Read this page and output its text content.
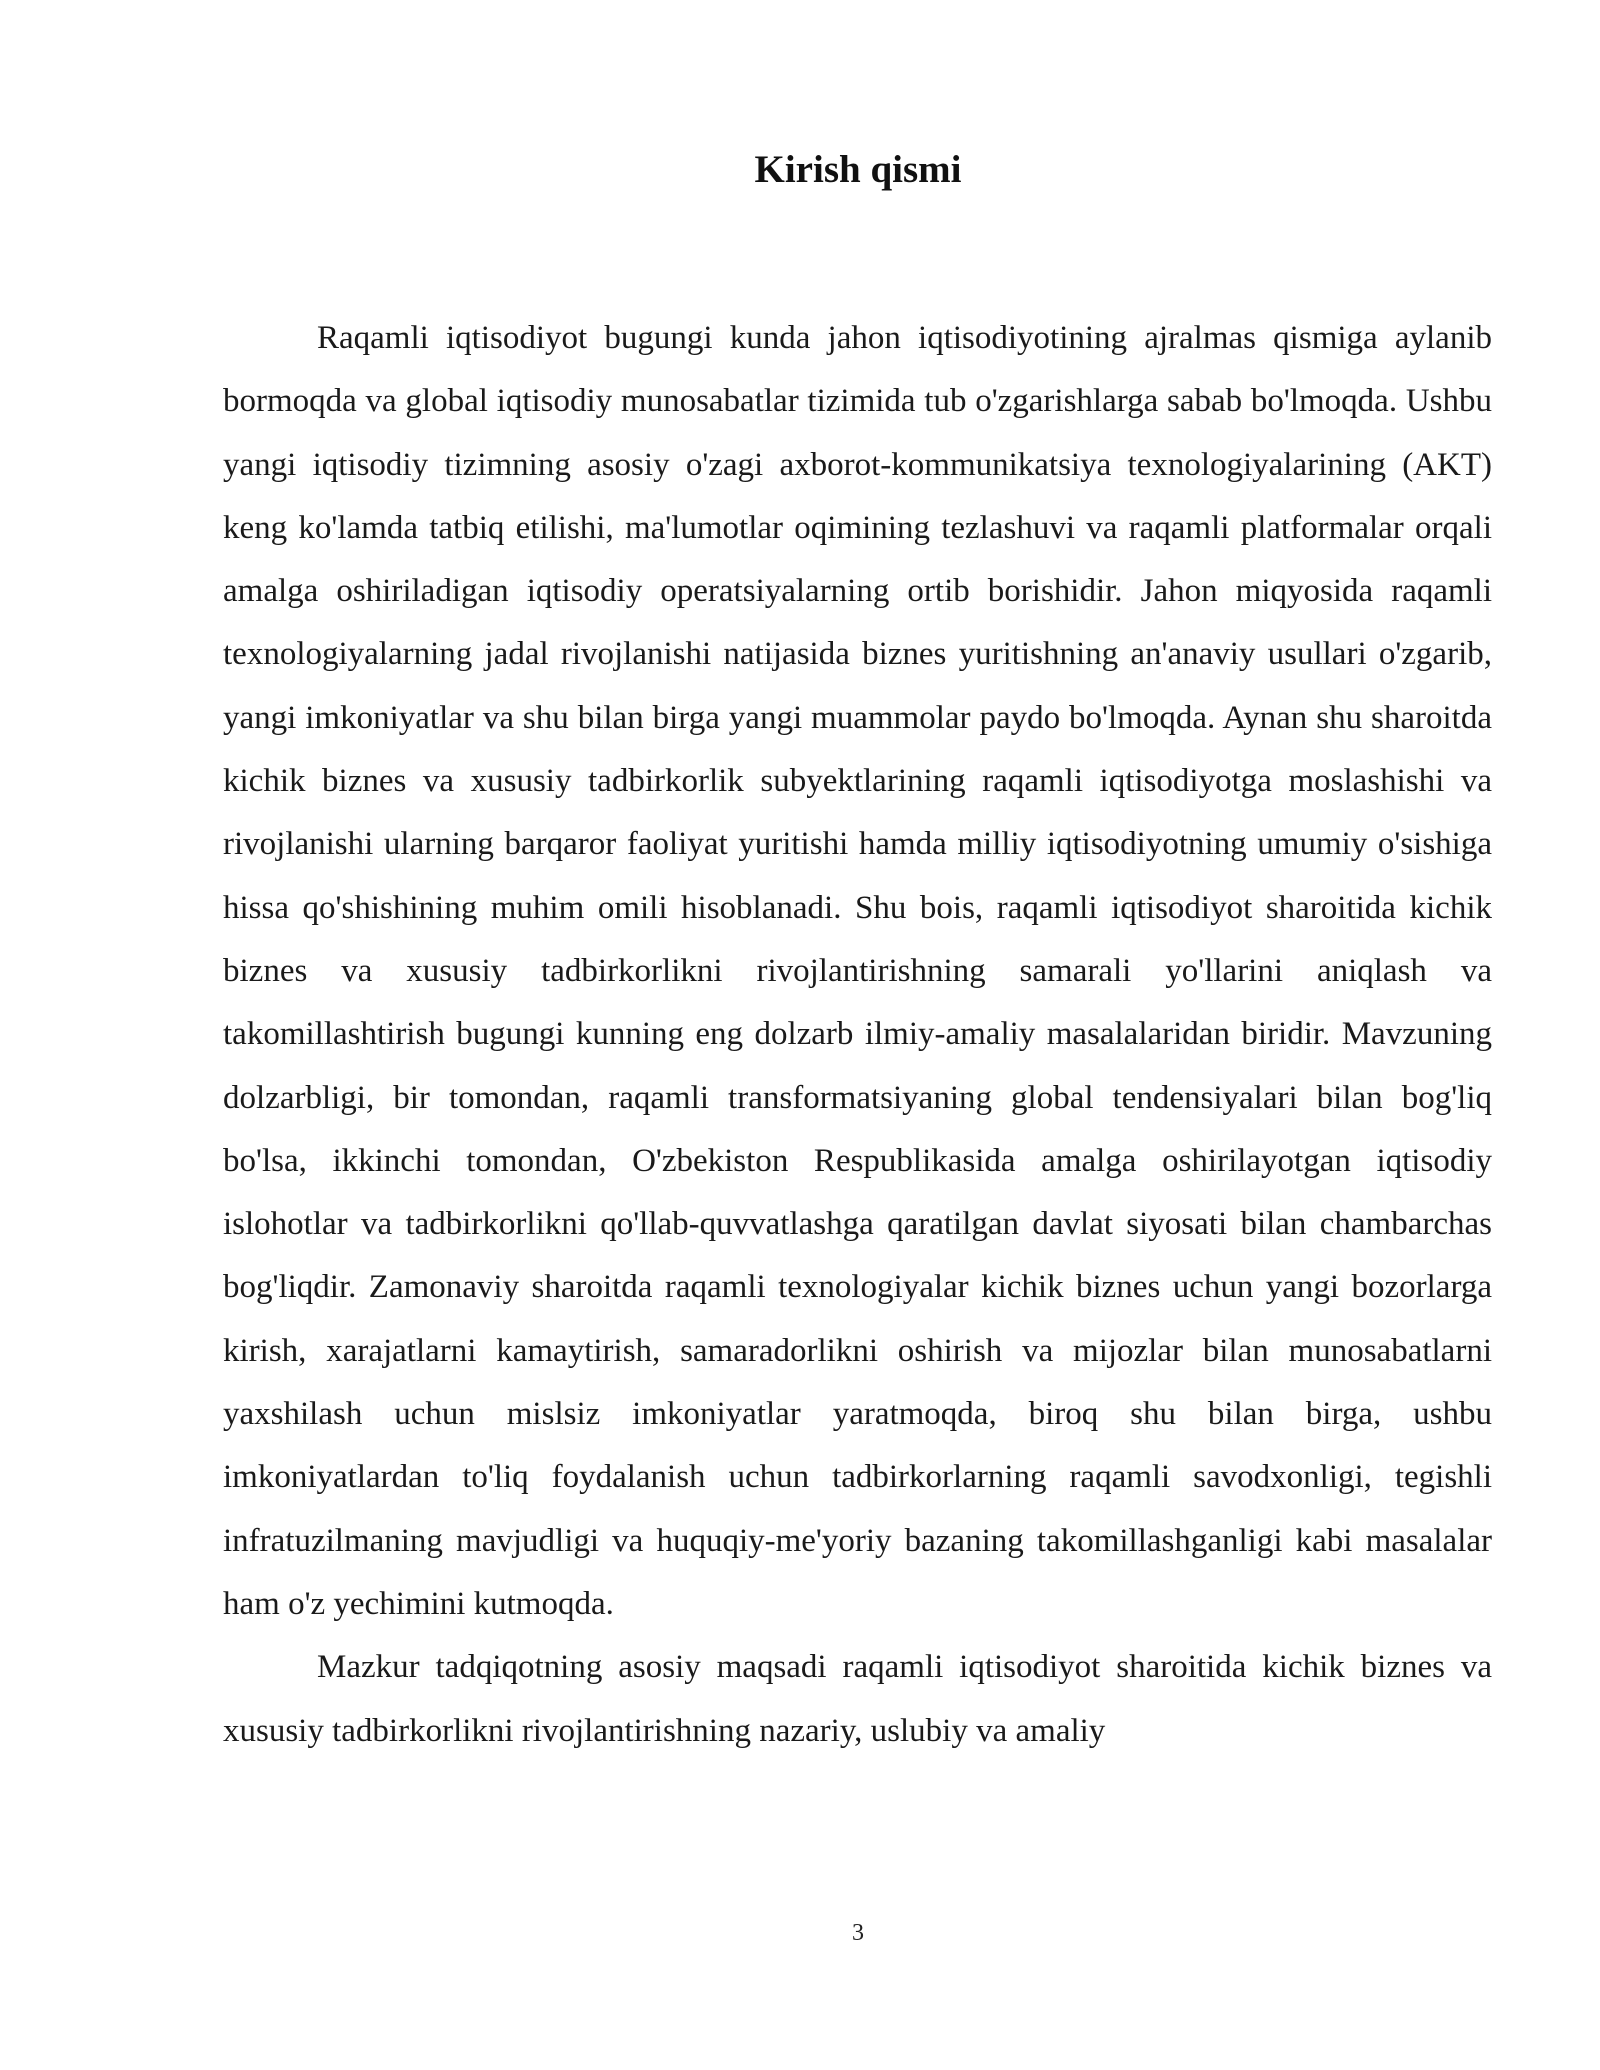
Kirish qismi

Raqamli iqtisodiyot bugungi kunda jahon iqtisodiyotining ajralmas qismiga aylanib bormoqda va global iqtisodiy munosabatlar tizimida tub o'zgarishlarga sabab bo'lmoqda. Ushbu yangi iqtisodiy tizimning asosiy o'zagi axborot-kommunikatsiya texnologiyalarining (AKT) keng ko'lamda tatbiq etilishi, ma'lumotlar oqimining tezlashuvi va raqamli platformalar orqali amalga oshiriladigan iqtisodiy operatsiyalarning ortib borishidir. Jahon miqyosida raqamli texnologiyalarning jadal rivojlanishi natijasida biznes yuritishning an'anaviy usullari o'zgarib, yangi imkoniyatlar va shu bilan birga yangi muammolar paydo bo'lmoqda. Aynan shu sharoitda kichik biznes va xususiy tadbirkorlik subyektlarining raqamli iqtisodiyotga moslashishi va rivojlanishi ularning barqaror faoliyat yuritishi hamda milliy iqtisodiyotning umumiy o'sishiga hissa qo'shishining muhim omili hisoblanadi. Shu bois, raqamli iqtisodiyot sharoitida kichik biznes va xususiy tadbirkorlikni rivojlantirishning samarali yo'llarini aniqlash va takomillashtirish bugungi kunning eng dolzarb ilmiy-amaliy masalalaridan biridir. Mavzuning dolzarbligi, bir tomondan, raqamli transformatsiyaning global tendensiyalari bilan bog'liq bo'lsa, ikkinchi tomondan, O'zbekiston Respublikasida amalga oshirilayotgan iqtisodiy islohotlar va tadbirkorlikni qo'llab-quvvatlashga qaratilgan davlat siyosati bilan chambarchas bog'liqdir. Zamonaviy sharoitda raqamli texnologiyalar kichik biznes uchun yangi bozorlarga kirish, xarajatlarni kamaytirish, samaradorlikni oshirish va mijozlar bilan munosabatlarni yaxshilash uchun mislsiz imkoniyatlar yaratmoqda, biroq shu bilan birga, ushbu imkoniyatlardan to'liq foydalanish uchun tadbirkorlarning raqamli savodxonligi, tegishli infratuzilmaning mavjudligi va huquqiy-me'yoriy bazaning takomillashganligi kabi masalalar ham o'z yechimini kutmoqda.

Mazkur tadqiqotning asosiy maqsadi raqamli iqtisodiyot sharoitida kichik biznes va xususiy tadbirkorlikni rivojlantirishning nazariy, uslubiy va amaliy

3
